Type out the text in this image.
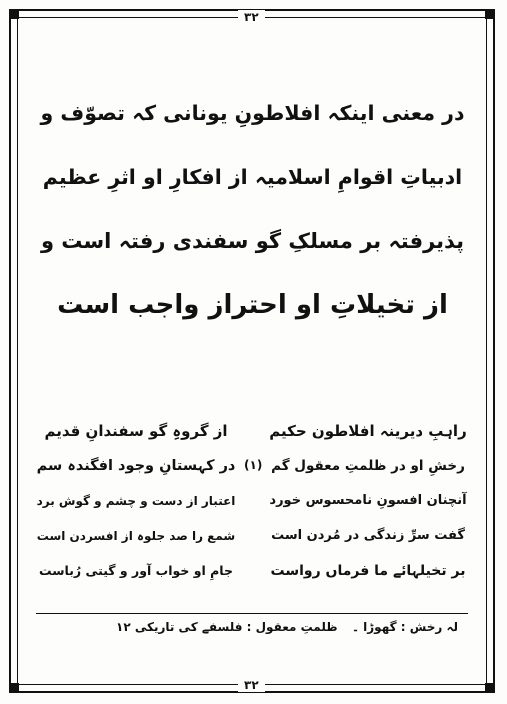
۳۲
۳۲
در معنی اینکہ افلاطونِ یونانی کہ تصوّف و
ادبیاتِ اقوامِ اسلامیہ از افکارِ او اثرِ عظیم
پذیرفتہ بر مسلکِ گو سفندی رفتہ است و
از تخیلاتِ او احتراز واجب است
راہبِ دیرینہ افلاطون حکیم
از گروہِ گو سفندانِ قدیم
رخشِ او در ظلمتِ معقول گم
(۱)
در کہستانِ وجود افگندہ سم
آنچنان افسونِ نامحسوس خورد
اعتبار از دست و چشم و گوش برد
گفت سرِّ زندگی در مُردن است
شمع را صد جلوہ از افسردن است
بر تخیلہائے ما فرماں رواست
جامِ او خواب آور و گیتی رُباست
لہ رخش : گھوڑا ۔
ظلمتِ معقول : فلسفے کی تاریکی ۱۲
